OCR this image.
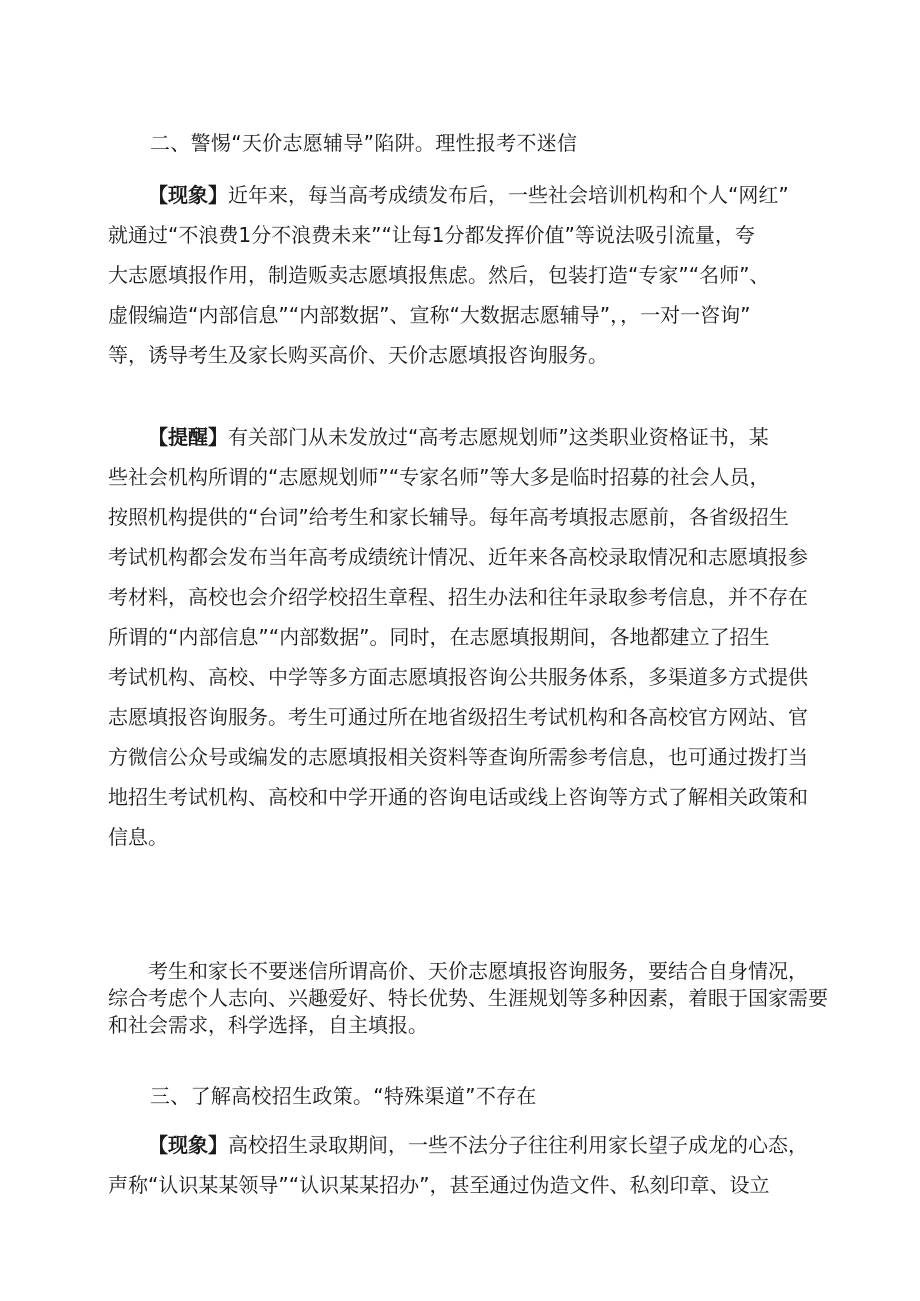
二、警惕“天价志愿辅导”陷阱。理性报考不迷信
【现象】近年来，每当高考成绩发布后，一些社会培训机构和个人“网红”
就通过“不浪费1分不浪费未来”“让每1分都发挥价值”等说法吸引流量，夸
大志愿填报作用，制造贩卖志愿填报焦虑。然后，包装打造“专家”“名师”、
虚假编造“内部信息”“内部数据”、宣称“大数据志愿辅导”，，一对一咨询”
等，诱导考生及家长购买高价、天价志愿填报咨询服务。
【提醒】有关部门从未发放过“高考志愿规划师”这类职业资格证书，某
些社会机构所谓的“志愿规划师”“专家名师”等大多是临时招募的社会人员，
按照机构提供的“台词”给考生和家长辅导。每年高考填报志愿前，各省级招生
考试机构都会发布当年高考成绩统计情况、近年来各高校录取情况和志愿填报参
考材料，高校也会介绍学校招生章程、招生办法和往年录取参考信息，并不存在
所谓的“内部信息”“内部数据”。同时，在志愿填报期间，各地都建立了招生
考试机构、高校、中学等多方面志愿填报咨询公共服务体系，多渠道多方式提供
志愿填报咨询服务。考生可通过所在地省级招生考试机构和各高校官方网站、官
方微信公众号或编发的志愿填报相关资料等查询所需参考信息，也可通过拨打当
地招生考试机构、高校和中学开通的咨询电话或线上咨询等方式了解相关政策和
信息。
考生和家长不要迷信所谓高价、天价志愿填报咨询服务，要结合自身情况，
综合考虑个人志向、兴趣爱好、特长优势、生涯规划等多种因素，着眼于国家需要
和社会需求，科学选择，自主填报。
三、了解高校招生政策。“特殊渠道”不存在
【现象】高校招生录取期间，一些不法分子往往利用家长望子成龙的心态，
声称“认识某某领导”“认识某某招办”，甚至通过伪造文件、私刻印章、设立
